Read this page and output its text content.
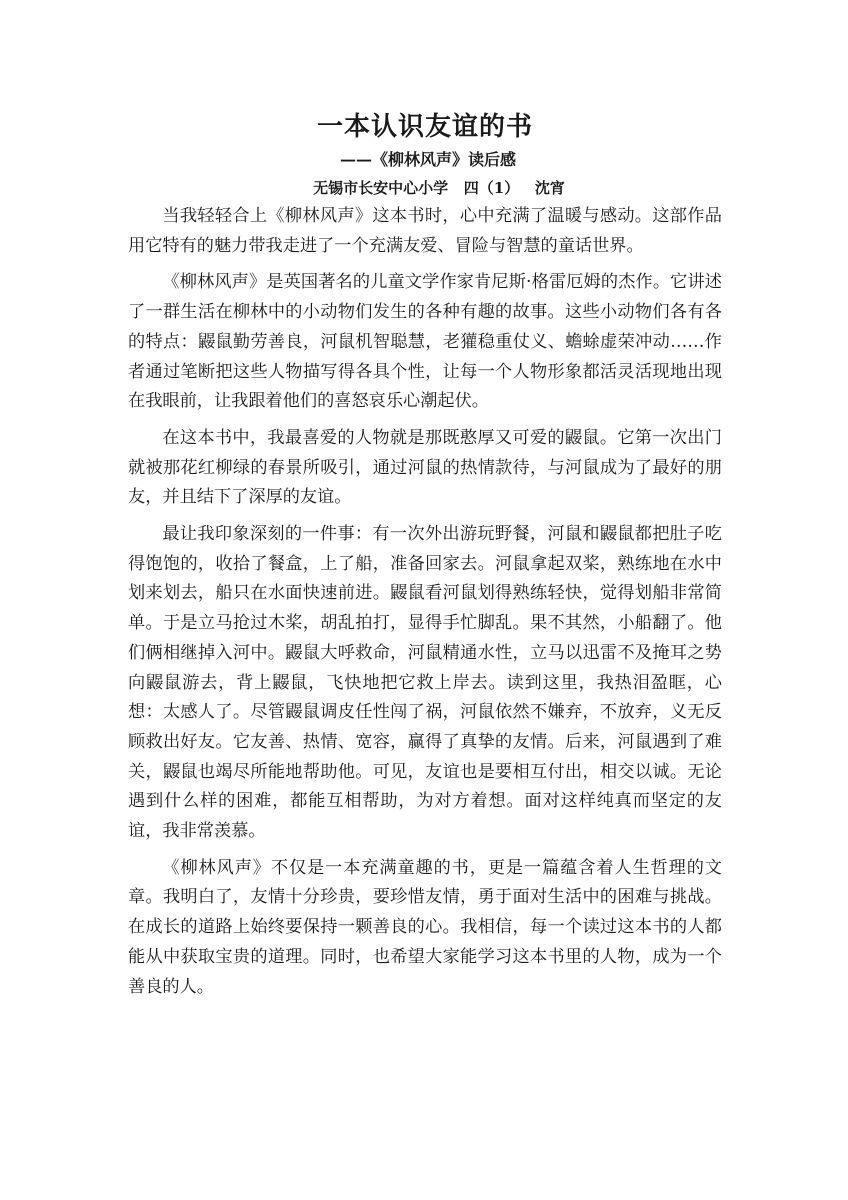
一本认识友谊的书
——《柳林风声》读后感
无锡市长安中心小学   四（1）   沈宵

当我轻轻合上《柳林风声》这本书时，心中充满了温暖与感动。这部作品用它特有的魅力带我走进了一个充满友爱、冒险与智慧的童话世界。

《柳林风声》是英国著名的儿童文学作家肯尼斯·格雷厄姆的杰作。它讲述了一群生活在柳林中的小动物们发生的各种有趣的故事。这些小动物们各有各的特点：鼹鼠勤劳善良，河鼠机智聪慧，老獾稳重仗义、蟾蜍虚荣冲动……作者通过笔断把这些人物描写得各具个性，让每一个人物形象都活灵活现地出现在我眼前，让我跟着他们的喜怒哀乐心潮起伏。

在这本书中，我最喜爱的人物就是那既憨厚又可爱的鼹鼠。它第一次出门就被那花红柳绿的春景所吸引，通过河鼠的热情款待，与河鼠成为了最好的朋友，并且结下了深厚的友谊。

最让我印象深刻的一件事：有一次外出游玩野餐，河鼠和鼹鼠都把肚子吃得饱饱的，收拾了餐盒，上了船，准备回家去。河鼠拿起双桨，熟练地在水中划来划去，船只在水面快速前进。鼹鼠看河鼠划得熟练轻快，觉得划船非常简单。于是立马抢过木桨，胡乱拍打，显得手忙脚乱。果不其然，小船翻了。他们俩相继掉入河中。鼹鼠大呼救命，河鼠精通水性，立马以迅雷不及掩耳之势向鼹鼠游去，背上鼹鼠，飞快地把它救上岸去。读到这里，我热泪盈眶，心想：太感人了。尽管鼹鼠调皮任性闯了祸，河鼠依然不嫌弃，不放弃，义无反顾救出好友。它友善、热情、宽容，赢得了真挚的友情。后来，河鼠遇到了难关，鼹鼠也竭尽所能地帮助他。可见，友谊也是要相互付出，相交以诚。无论遇到什么样的困难，都能互相帮助，为对方着想。面对这样纯真而坚定的友谊，我非常羡慕。

《柳林风声》不仅是一本充满童趣的书，更是一篇蕴含着人生哲理的文章。我明白了，友情十分珍贵，要珍惜友情，勇于面对生活中的困难与挑战。在成长的道路上始终要保持一颗善良的心。我相信，每一个读过这本书的人都能从中获取宝贵的道理。同时，也希望大家能学习这本书里的人物，成为一个善良的人。
